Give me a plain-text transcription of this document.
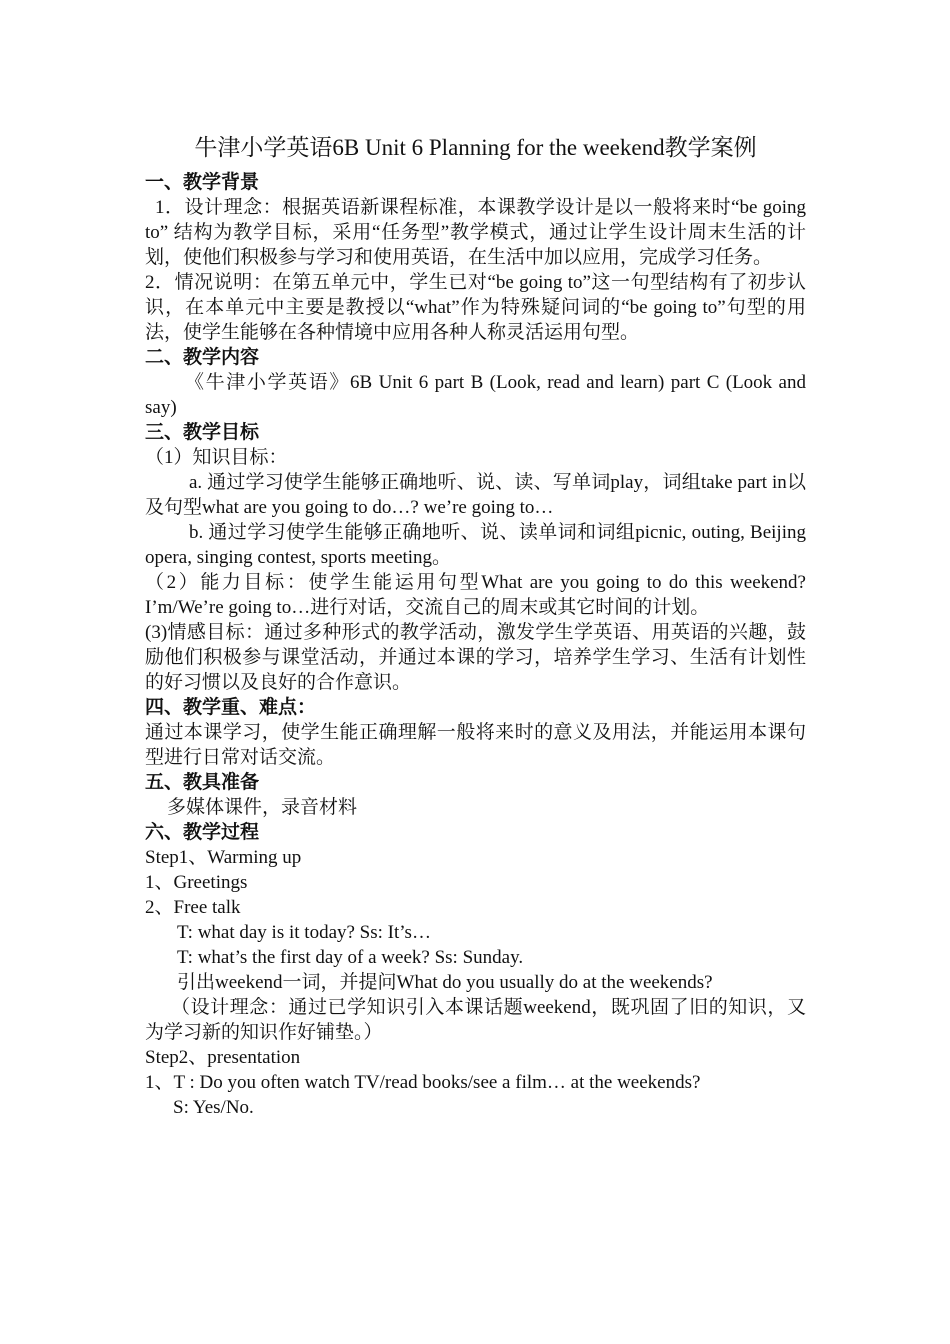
牛津小学英语6B Unit 6 Planning for the weekend教学案例
一、教学背景
1．设计理念：根据英语新课程标准，本课教学设计是以一般将来时“be going to” 结构为教学目标，采用“任务型”教学模式，通过让学生设计周末生活的计划，使他们积极参与学习和使用英语，在生活中加以应用，完成学习任务。
2．情况说明：在第五单元中，学生已对“be going to”这一句型结构有了初步认识，在本单元中主要是教授以“what”作为特殊疑问词的“be going to”句型的用法，使学生能够在各种情境中应用各种人称灵活运用句型。
二、教学内容
《牛津小学英语》6B Unit 6 part B (Look, read and learn) part C (Look and say)
三、教学目标
（1）知识目标：
a. 通过学习使学生能够正确地听、说、读、写单词play，词组take part in以及句型what are you going to do…? we’re going to…
b. 通过学习使学生能够正确地听、说、读单词和词组picnic, outing, Beijing opera, singing contest, sports meeting。
（2）能力目标：使学生能运用句型What are you going to do this weekend? I’m/We’re going to…进行对话，交流自己的周末或其它时间的计划。
(3)情感目标：通过多种形式的教学活动，激发学生学英语、用英语的兴趣，鼓励他们积极参与课堂活动，并通过本课的学习，培养学生学习、生活有计划性的好习惯以及良好的合作意识。
四、教学重、难点：
通过本课学习，使学生能正确理解一般将来时的意义及用法，并能运用本课句型进行日常对话交流。
五、教具准备
多媒体课件，录音材料
六、教学过程
Step1、Warming up
1、Greetings
2、Free talk
T: what day is it today? Ss: It’s…
T: what’s the first day of a week? Ss: Sunday.
引出weekend一词，并提问What do you usually do at the weekends?
（设计理念：通过已学知识引入本课话题weekend，既巩固了旧的知识，又为学习新的知识作好铺垫。）
Step2、presentation
1、T : Do you often watch TV/read books/see a film… at the weekends?
S: Yes/No.
